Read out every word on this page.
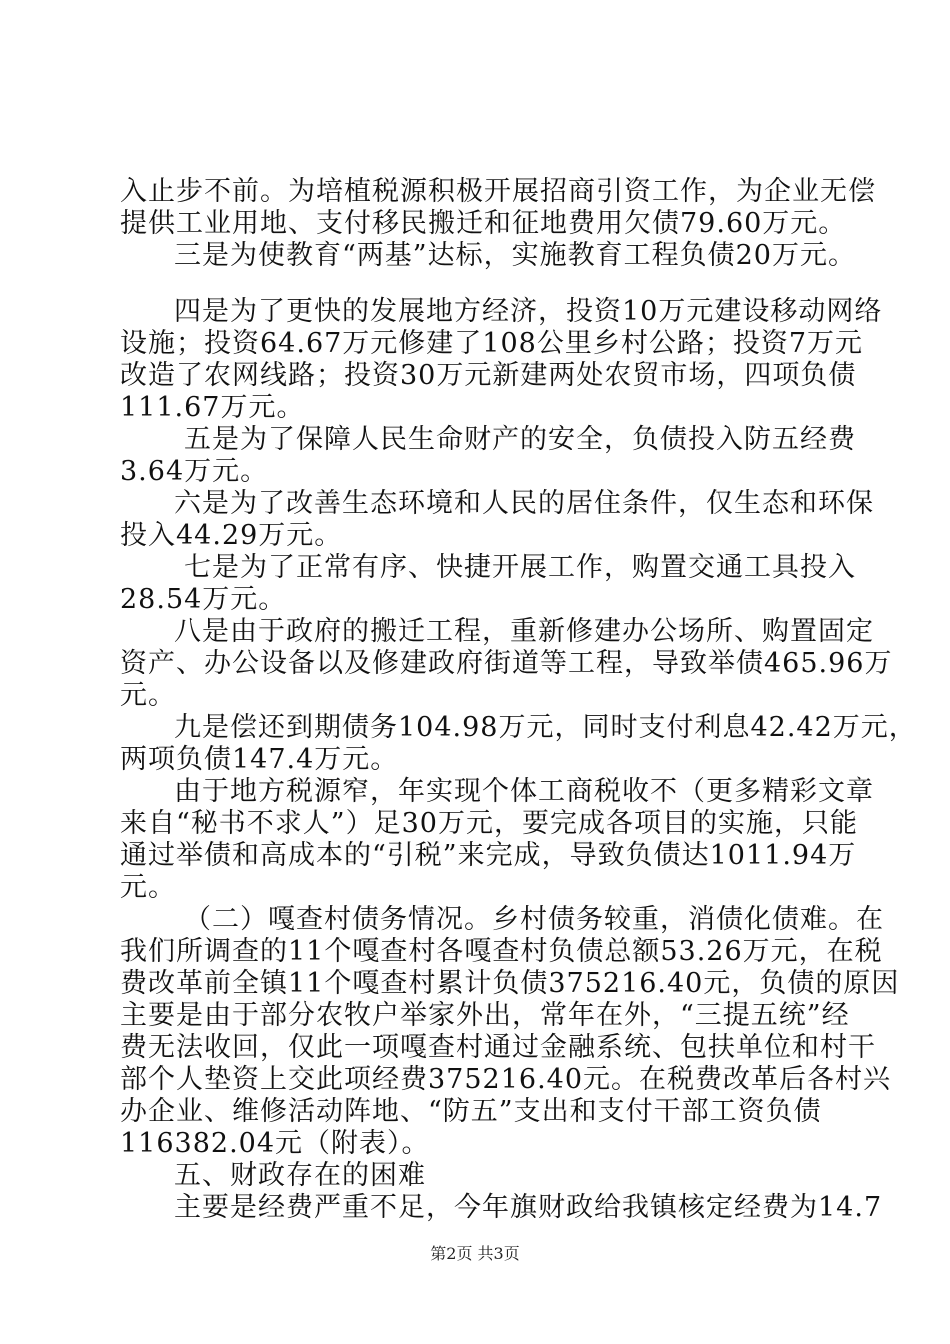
入止步不前。为培植税源积极开展招商引资工作，为企业无偿
提供工业用地、支付移民搬迁和征地费用欠债79.60万元。
三是为使教育“两基”达标，实施教育工程负债20万元。
四是为了更快的发展地方经济，投资10万元建设移动网络
设施；投资64.67万元修建了108公里乡村公路；投资7万元
改造了农网线路；投资30万元新建两处农贸市场，四项负债
111.67万元。
五是为了保障人民生命财产的安全，负债投入防五经费
3.64万元。
六是为了改善生态环境和人民的居住条件，仅生态和环保
投入44.29万元。
七是为了正常有序、快捷开展工作，购置交通工具投入
28.54万元。
八是由于政府的搬迁工程，重新修建办公场所、购置固定
资产、办公设备以及修建政府街道等工程，导致举债465.96万
元。
九是偿还到期债务104.98万元，同时支付利息42.42万元，
两项负债147.4万元。
由于地方税源窄，年实现个体工商税收不（更多精彩文章
来自“秘书不求人”）足30万元，要完成各项目的实施，只能
通过举债和高成本的“引税”来完成，导致负债达1011.94万
元。
（二）嘎查村债务情况。乡村债务较重，消债化债难。在
我们所调查的11个嘎查村各嘎查村负债总额53.26万元，在税
费改革前全镇11个嘎查村累计负债375216.40元，负债的原因
主要是由于部分农牧户举家外出，常年在外，“三提五统”经
费无法收回，仅此一项嘎查村通过金融系统、包扶单位和村干
部个人垫资上交此项经费375216.40元。在税费改革后各村兴
办企业、维修活动阵地、“防五”支出和支付干部工资负债
116382.04元（附表）。
五、财政存在的困难
主要是经费严重不足，今年旗财政给我镇核定经费为14.7
第2页 共3页
